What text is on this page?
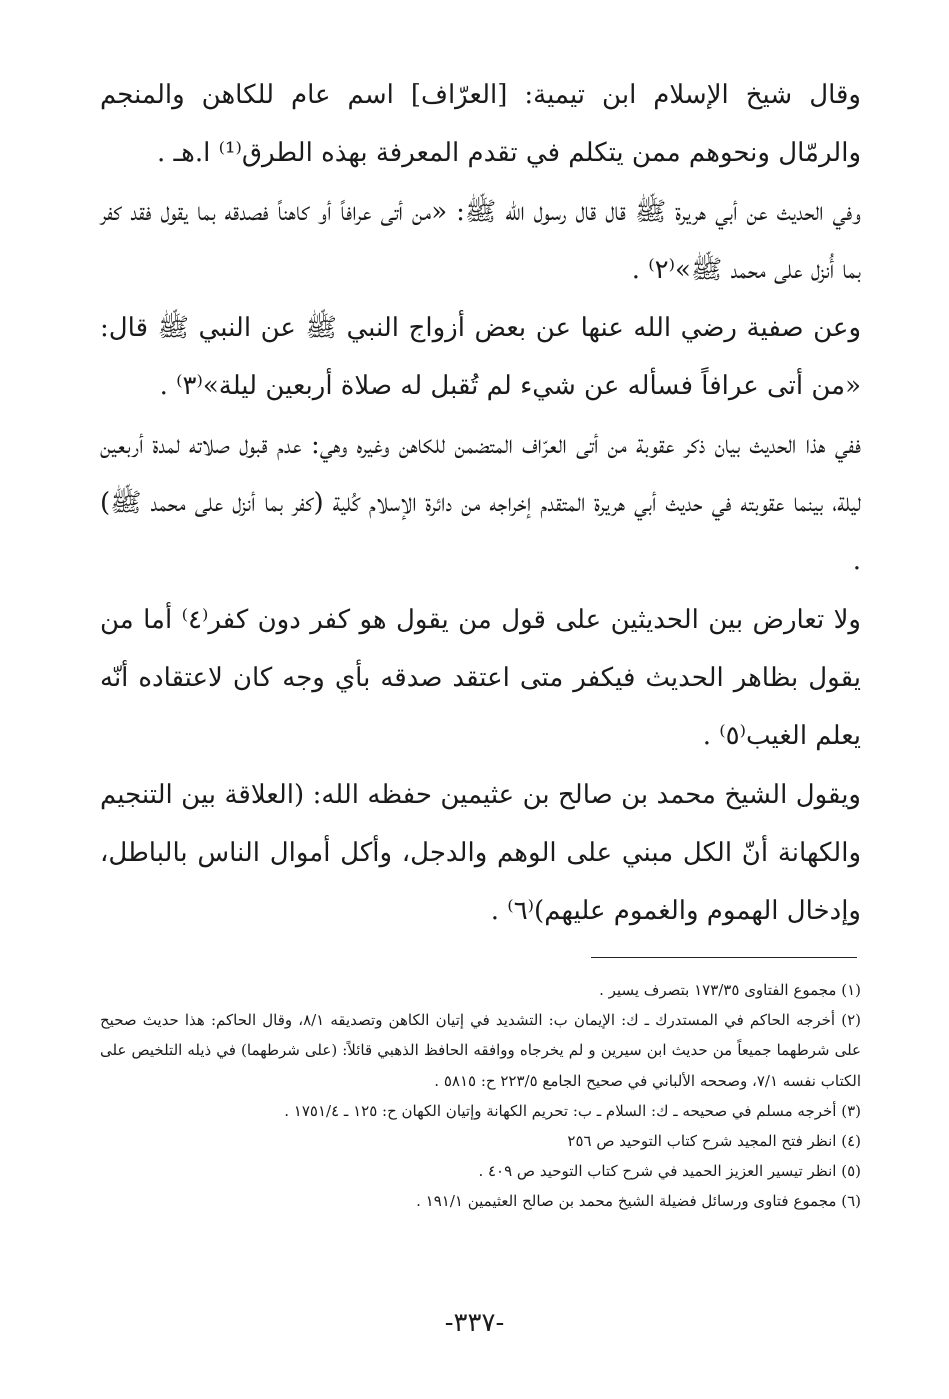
وقال شيخ الإسلام ابن تيمية: [العرّاف] اسم عام للكاهن والمنجم والرمّال ونحوهم ممن يتكلم في تقدم المعرفة بهذه الطرق⁽¹⁾ ا.هـ .

وفي الحديث عن أبي هريرة ﷺ قال قال رسول الله ﷺ: «من أتى عرافاً أو كاهناً فصدقه بما يقول فقد كفر بما أُنزل على محمد ﷺ»⁽٢⁾ .

وعن صفية رضي الله عنها عن بعض أزواج النبي ﷺ عن النبي ﷺ قال: «من أتى عرافاً فسأله عن شيء لم تُقبل له صلاة أربعين ليلة»⁽٣⁾ .

ففي هذا الحديث بيان ذكر عقوبة من أتى العرّاف المتضمن للكاهن وغيره وهي: عدم قبول صلاته لمدة أربعين ليلة، بينما عقوبته في حديث أبي هريرة المتقدم إخراجه من دائرة الإسلام كُلية (كفر بما أنزل على محمد ﷺ) .

ولا تعارض بين الحديثين على قول من يقول هو كفر دون كفر⁽٤⁾ أما من يقول بظاهر الحديث فيكفر متى اعتقد صدقه بأي وجه كان لاعتقاده أنّه يعلم الغيب⁽٥⁾ .

ويقول الشيخ محمد بن صالح بن عثيمين حفظه الله: (العلاقة بين التنجيم والكهانة أنّ الكل مبني على الوهم والدجل، وأكل أموال الناس بالباطل، وإدخال الهموم والغموم عليهم)⁽٦⁾ .

(١) مجموع الفتاوى ١٧٣/٣٥ بتصرف يسير .

(٢) أخرجه الحاكم في المستدرك ـ ك: الإيمان ب: التشديد في إتيان الكاهن وتصديقه ٨/١، وقال الحاكم: هذا حديث صحيح على شرطهما جميعاً من حديث ابن سيرين و لم يخرجاه ووافقه الحافظ الذهبي قائلاً: (على شرطهما) في ذيله التلخيص على الكتاب نفسه ٧/١، وصححه الألباني في صحيح الجامع ٢٢٣/٥ ح: ٥٨١٥ .

(٣) أخرجه مسلم في صحيحه ـ ك: السلام ـ ب: تحريم الكهانة وإتيان الكهان ح: ١٢٥ ـ ١٧٥١/٤ .

(٤) انظر فتح المجيد شرح كتاب التوحيد ص ٢٥٦

(٥) انظر تيسير العزيز الحميد في شرح كتاب التوحيد ص ٤٠٩ .

(٦) مجموع فتاوى ورسائل فضيلة الشيخ محمد بن صالح العثيمين ١٩١/١ .

-٣٣٧-
